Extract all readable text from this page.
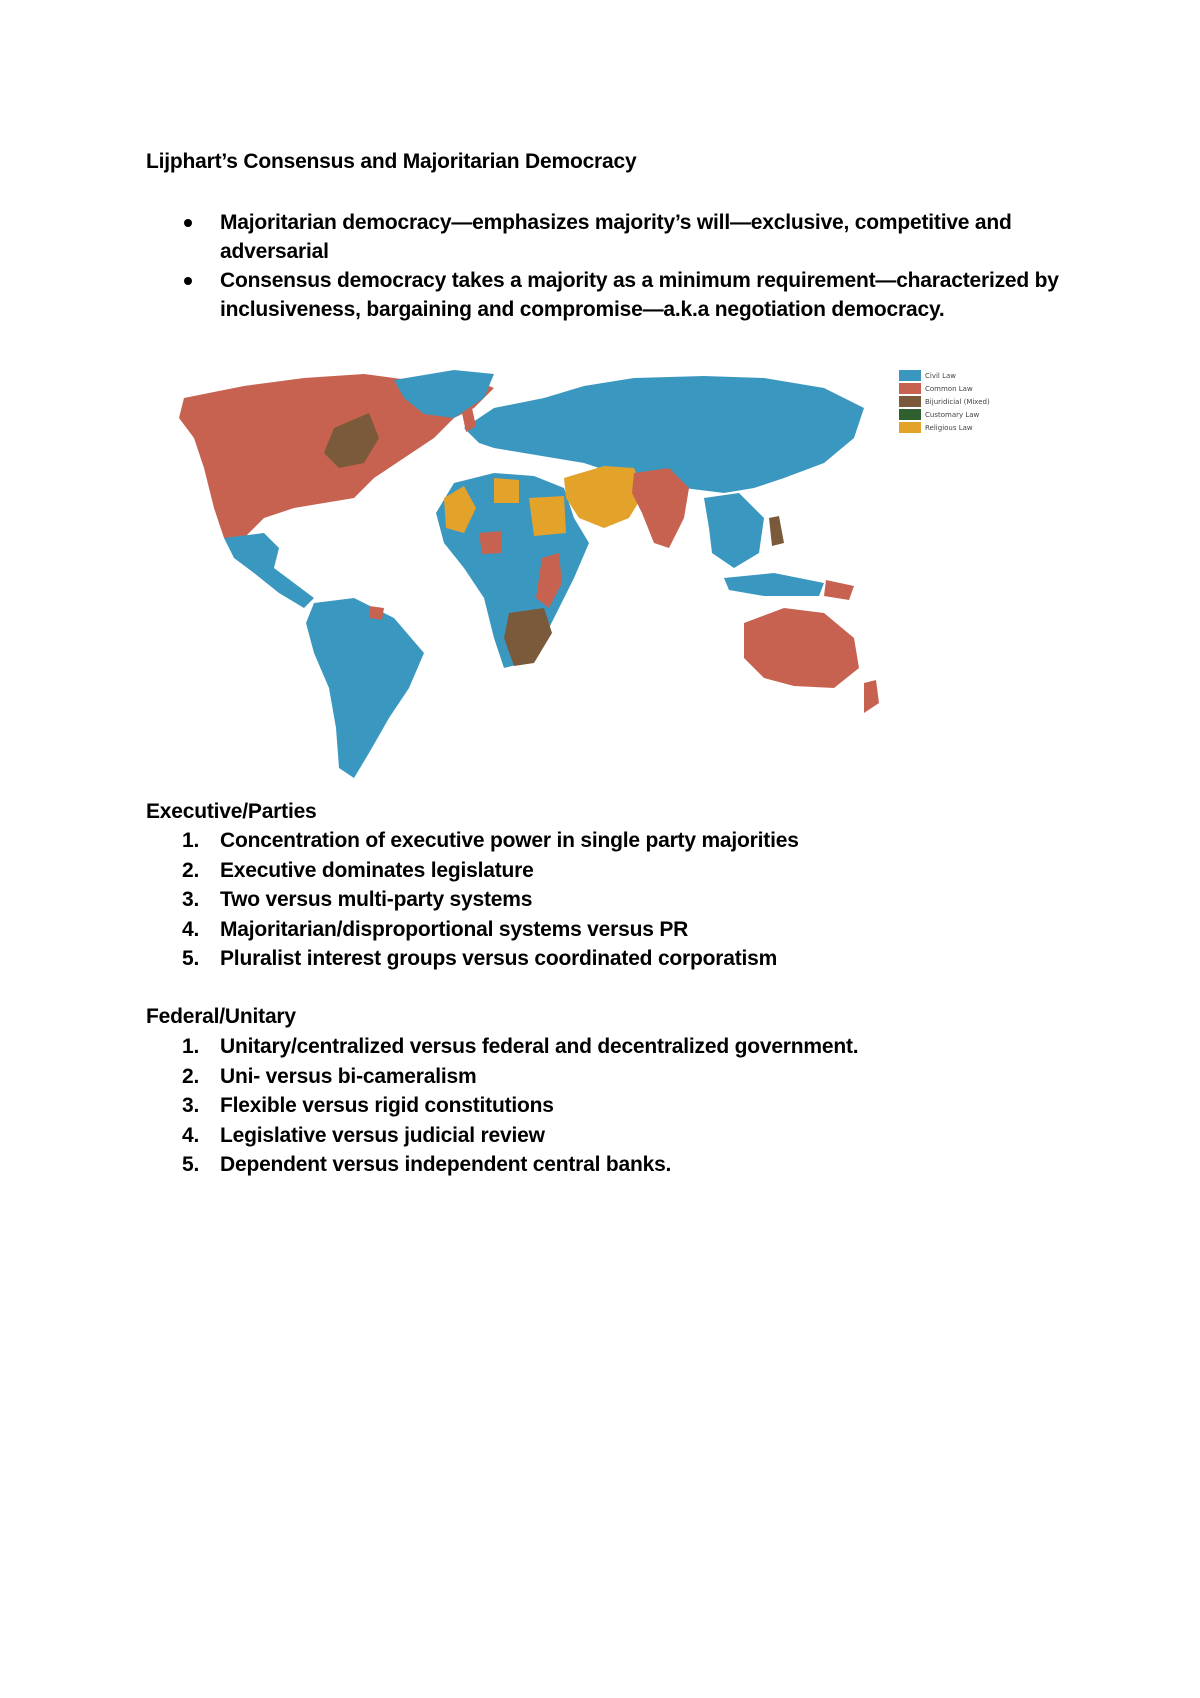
Lijphart’s Consensus and Majoritarian Democracy
Majoritarian democracy—emphasizes majority’s will—exclusive, competitive and adversarial
Consensus democracy takes a majority as a minimum requirement—characterized by inclusiveness, bargaining and compromise—a.k.a negotiation democracy.
Civil Law
Common Law
Bijuridicial (Mixed)
Customary Law
Religious Law
Executive/Parties
1. Concentration of executive power in single party majorities
2. Executive dominates legislature
3. Two versus multi-party systems
4. Majoritarian/disproportional systems versus PR
5. Pluralist interest groups versus coordinated corporatism
Federal/Unitary
1. Unitary/centralized versus federal and decentralized government.
2. Uni- versus bi-cameralism
3. Flexible versus rigid constitutions
4. Legislative versus judicial review
5. Dependent versus independent central banks.
